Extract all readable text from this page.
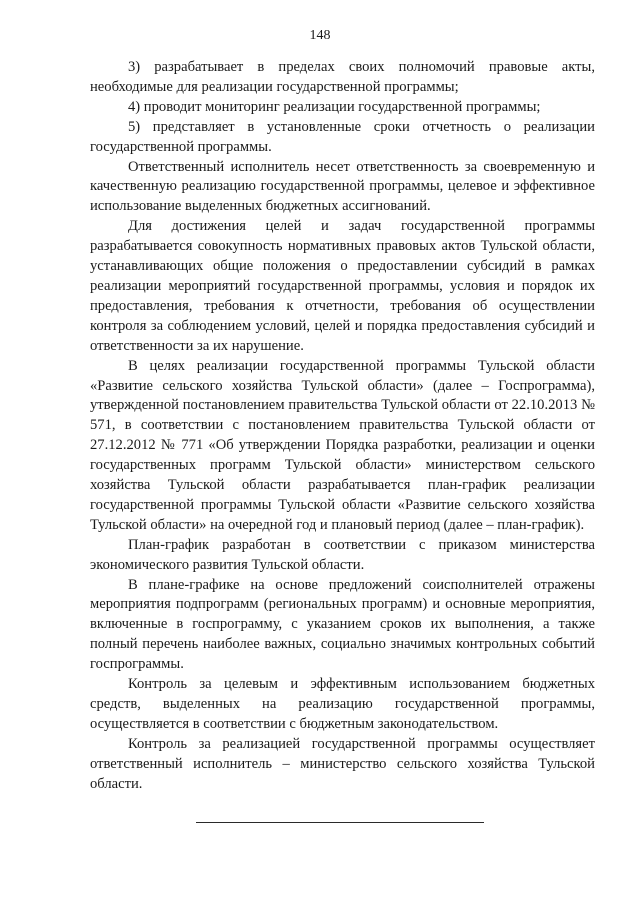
148

3) разрабатывает в пределах своих полномочий правовые акты, необходимые для реализации государственной программы;

4) проводит мониторинг реализации государственной программы;

5) представляет в установленные сроки отчетность о реализации государственной программы.

Ответственный исполнитель несет ответственность за своевременную и качественную реализацию государственной программы, целевое и эффективное использование выделенных бюджетных ассигнований.

Для достижения целей и задач государственной программы разрабатывается совокупность нормативных правовых актов Тульской области, устанавливающих общие положения о предоставлении субсидий в рамках реализации мероприятий государственной программы, условия и порядок их предоставления, требования к отчетности, требования об осуществлении контроля за соблюдением условий, целей и порядка предоставления субсидий и ответственности за их нарушение.

В целях реализации государственной программы Тульской области «Развитие сельского хозяйства Тульской области» (далее – Госпрограмма), утвержденной постановлением правительства Тульской области от 22.10.2013 № 571, в соответствии с постановлением правительства Тульской области от 27.12.2012 № 771 «Об утверждении Порядка разработки, реализации и оценки государственных программ Тульской области» министерством сельского хозяйства Тульской области разрабатывается план-график реализации государственной программы Тульской области «Развитие сельского хозяйства Тульской области» на очередной год и плановый период (далее – план-график).

План-график разработан в соответствии с приказом министерства экономического развития Тульской области.

В плане-графике на основе предложений соисполнителей отражены мероприятия подпрограмм (региональных программ) и основные мероприятия, включенные в госпрограмму, с указанием сроков их выполнения, а также полный перечень наиболее важных, социально значимых контрольных событий госпрограммы.

Контроль за целевым и эффективным использованием бюджетных средств, выделенных на реализацию государственной программы, осуществляется в соответствии с бюджетным законодательством.

Контроль за реализацией государственной программы осуществляет ответственный исполнитель – министерство сельского хозяйства Тульской области.
